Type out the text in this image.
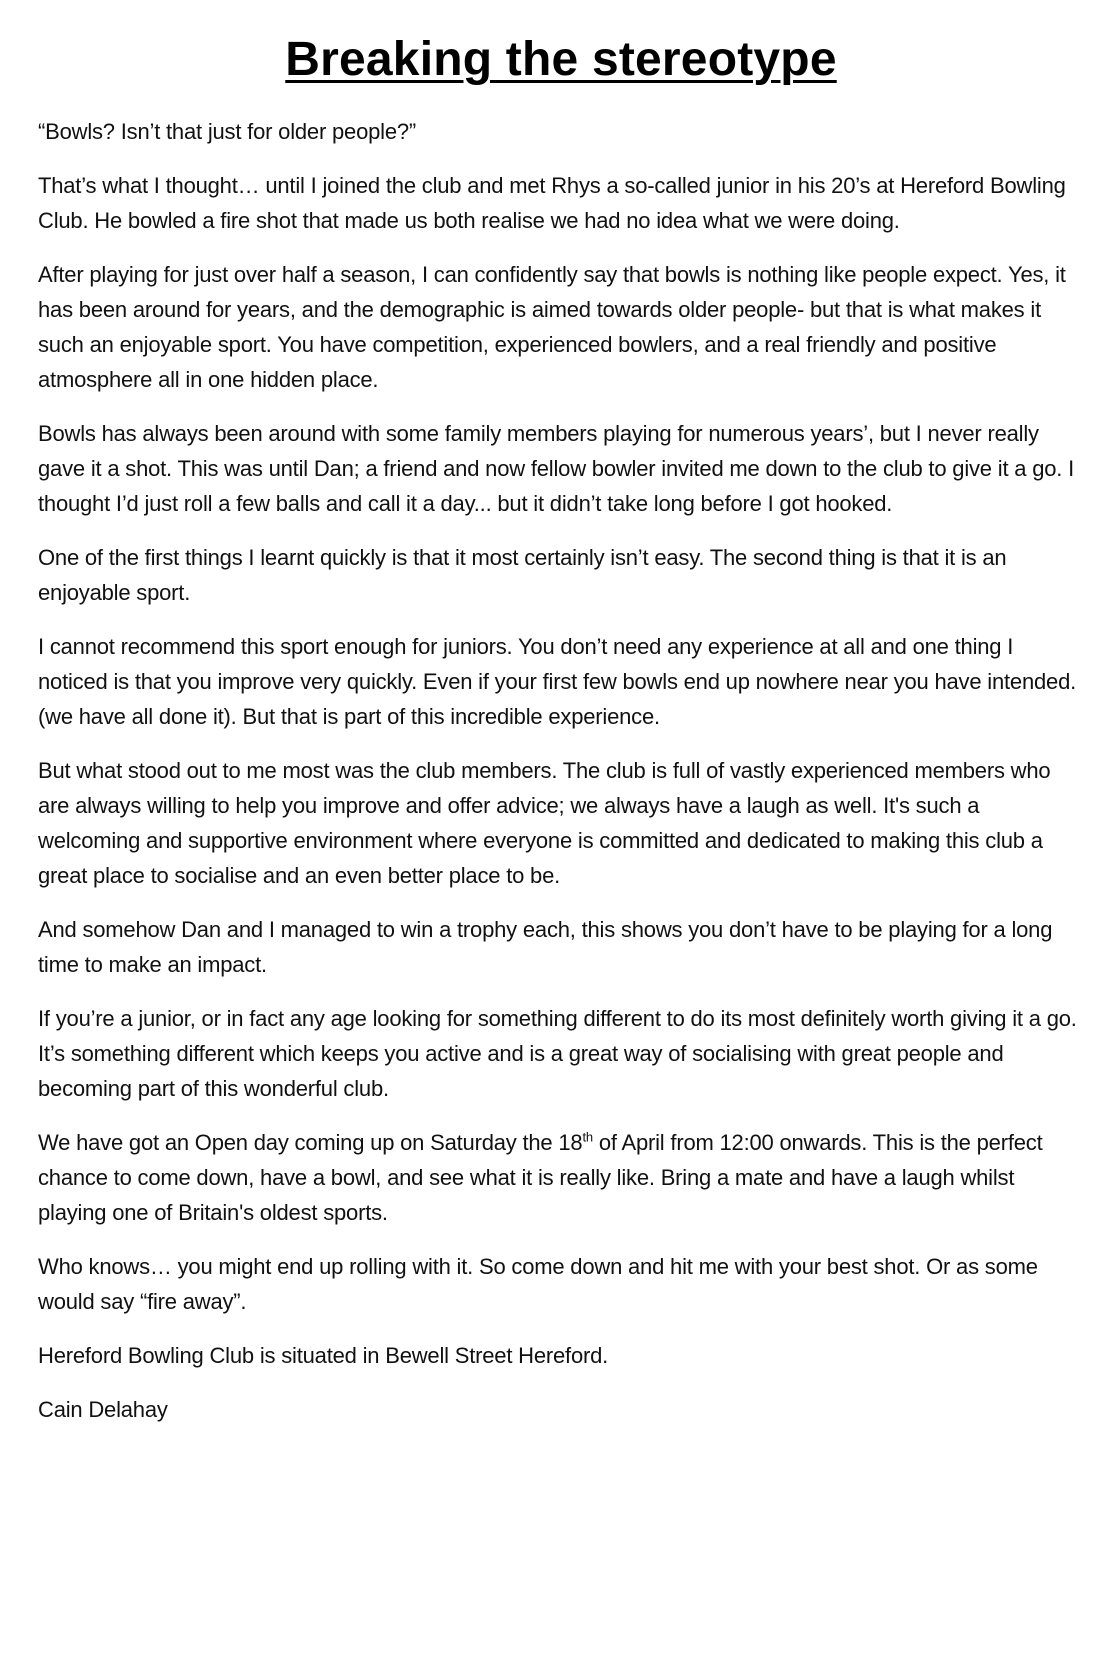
Breaking the stereotype

“Bowls? Isn’t that just for older people?”

That’s what I thought… until I joined the club and met Rhys a so-called junior in his 20’s at Hereford Bowling Club. He bowled a fire shot that made us both realise we had no idea what we were doing.

After playing for just over half a season, I can confidently say that bowls is nothing like people expect. Yes, it has been around for years, and the demographic is aimed towards older people- but that is what makes it such an enjoyable sport. You have competition, experienced bowlers, and a real friendly and positive atmosphere all in one hidden place.

Bowls has always been around with some family members playing for numerous years’, but I never really gave it a shot. This was until Dan; a friend and now fellow bowler invited me down to the club to give it a go. I thought I’d just roll a few balls and call it a day... but it didn’t take long before I got hooked.

One of the first things I learnt quickly is that it most certainly isn’t easy. The second thing is that it is an enjoyable sport.

I cannot recommend this sport enough for juniors. You don’t need any experience at all and one thing I noticed is that you improve very quickly. Even if your first few bowls end up nowhere near you have intended. (we have all done it). But that is part of this incredible experience.

But what stood out to me most was the club members. The club is full of vastly experienced members who are always willing to help you improve and offer advice; we always have a laugh as well. It's such a welcoming and supportive environment where everyone is committed and dedicated to making this club a great place to socialise and an even better place to be.

And somehow Dan and I managed to win a trophy each, this shows you don’t have to be playing for a long time to make an impact.

If you’re a junior, or in fact any age looking for something different to do its most definitely worth giving it a go. It’s something different which keeps you active and is a great way of socialising with great people and becoming part of this wonderful club.

We have got an Open day coming up on Saturday the 18th of April from 12:00 onwards. This is the perfect chance to come down, have a bowl, and see what it is really like. Bring a mate and have a laugh whilst playing one of Britain's oldest sports.

Who knows… you might end up rolling with it. So come down and hit me with your best shot. Or as some would say “fire away”.

Hereford Bowling Club is situated in Bewell Street Hereford.

Cain Delahay
